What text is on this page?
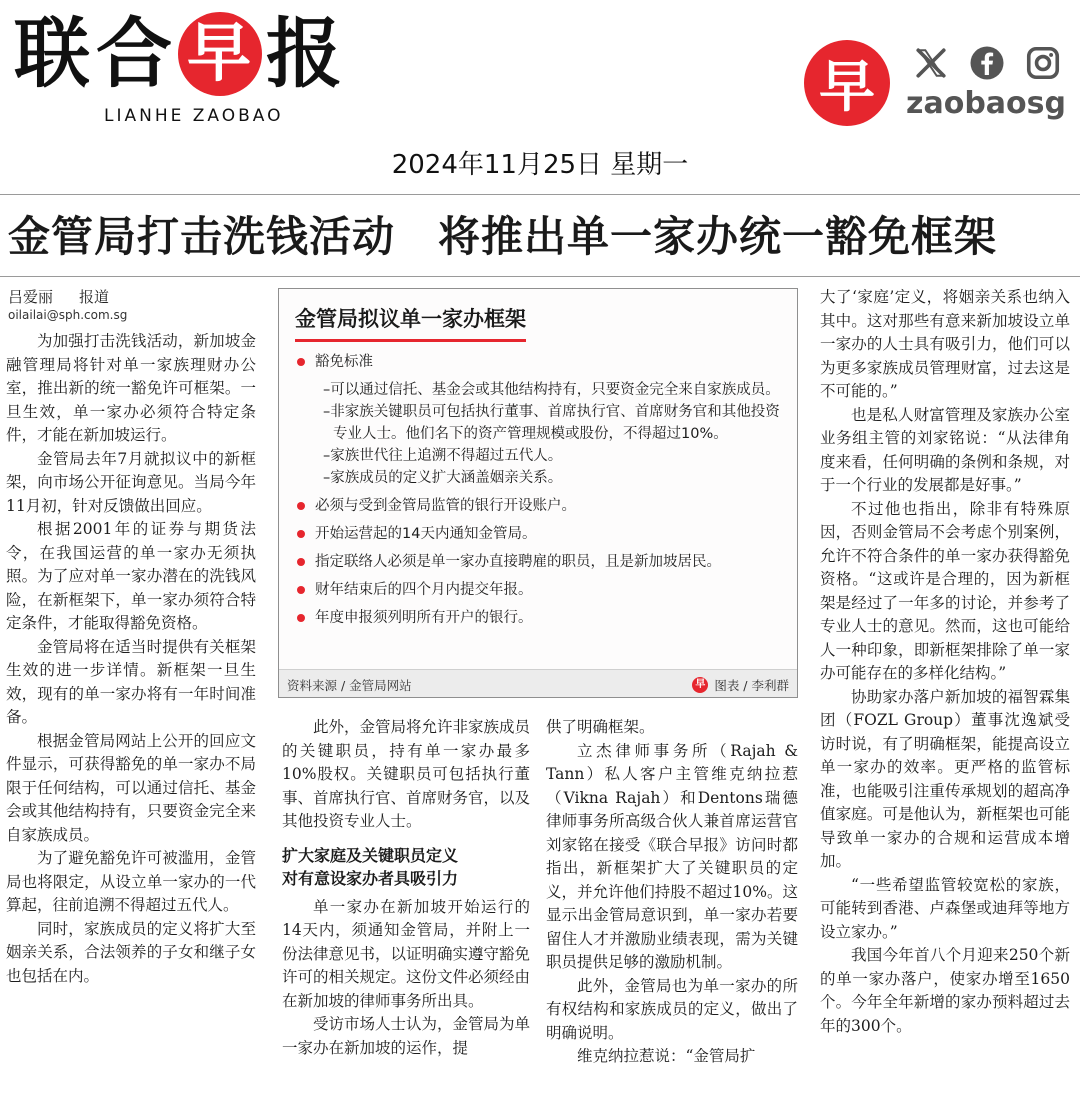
联 合 早 报
LIANHE ZAOBAO	早	zaobaosg
2024年11月25日 星期一
金管局打击洗钱活动　将推出单一家办统一豁免框架
吕爱丽 报道
oilailai@sph.com.sg

为加强打击洗钱活动，新加坡金融管理局将针对单一家族理财办公室，推出新的统一豁免许可框架。一旦生效，单一家办必须符合特定条件，才能在新加坡运行。

金管局去年7月就拟议中的新框架，向市场公开征询意见。当局今年11月初，针对反馈做出回应。

根据2001年的证券与期货法令，在我国运营的单一家办无须执照。为了应对单一家办潜在的洗钱风险，在新框架下，单一家办须符合特定条件，才能取得豁免资格。

金管局将在适当时提供有关框架生效的进一步详情。新框架一旦生效，现有的单一家办将有一年时间准备。

根据金管局网站上公开的回应文件显示，可获得豁免的单一家办不局限于任何结构，可以通过信托、基金会或其他结构持有，只要资金完全来自家族成员。

为了避免豁免许可被滥用，金管局也将限定，从设立单一家办的一代算起，往前追溯不得超过五代人。

同时，家族成员的定义将扩大至姻亲关系，合法领养的子女和继子女也包括在内。

金管局拟议单一家办框架
豁免标准
–可以通过信托、基金会或其他结构持有，只要资金完全来自家族成员。
–非家族关键职员可包括执行董事、首席执行官、首席财务官和其他投资专业人士。他们名下的资产管理规模或股份，不得超过10%。
–家族世代往上追溯不得超过五代人。
–家族成员的定义扩大涵盖姻亲关系。
必须与受到金管局监管的银行开设账户。
开始运营起的14天内通知金管局。
指定联络人必须是单一家办直接聘雇的职员，且是新加坡居民。
财年结束后的四个月内提交年报。
年度申报须列明所有开户的银行。
资料来源 / 金管局网站	早 图表 / 李利群

此外，金管局将允许非家族成员的关键职员，持有单一家办最多10%股权。关键职员可包括执行董事、首席执行官、首席财务官，以及其他投资专业人士。

扩大家庭及关键职员定义
对有意设家办者具吸引力

单一家办在新加坡开始运行的14天内，须通知金管局，并附上一份法律意见书，以证明确实遵守豁免许可的相关规定。这份文件必须经由在新加坡的律师事务所出具。

受访市场人士认为，金管局为单一家办在新加坡的运作，提

供了明确框架。

立杰律师事务所（Rajah & Tann）私人客户主管维克纳拉惹（Vikna Rajah）和Dentons瑞德律师事务所高级合伙人兼首席运营官刘家铭在接受《联合早报》访问时都指出，新框架扩大了关键职员的定义，并允许他们持股不超过10%。这显示出金管局意识到，单一家办若要留住人才并激励业绩表现，需为关键职员提供足够的激励机制。

此外，金管局也为单一家办的所有权结构和家族成员的定义，做出了明确说明。

维克纳拉惹说：“金管局扩

大了‘家庭’定义，将姻亲关系也纳入其中。这对那些有意来新加坡设立单一家办的人士具有吸引力，他们可以为更多家族成员管理财富，过去这是不可能的。”

也是私人财富管理及家族办公室业务组主管的刘家铭说：“从法律角度来看，任何明确的条例和条规，对于一个行业的发展都是好事。”

不过他也指出，除非有特殊原因，否则金管局不会考虑个别案例，允许不符合条件的单一家办获得豁免资格。“这或许是合理的，因为新框架是经过了一年多的讨论，并参考了专业人士的意见。然而，这也可能给人一种印象，即新框架排除了单一家办可能存在的多样化结构。”

协助家办落户新加坡的福智霖集团（FOZL Group）董事沈逸斌受访时说，有了明确框架，能提高设立单一家办的效率。更严格的监管标准，也能吸引注重传承规划的超高净值家庭。可是他认为，新框架也可能导致单一家办的合规和运营成本增加。

“一些希望监管较宽松的家族，可能转到香港、卢森堡或迪拜等地方设立家办。”

我国今年首八个月迎来250个新的单一家办落户，使家办增至1650个。今年全年新增的家办预料超过去年的300个。
